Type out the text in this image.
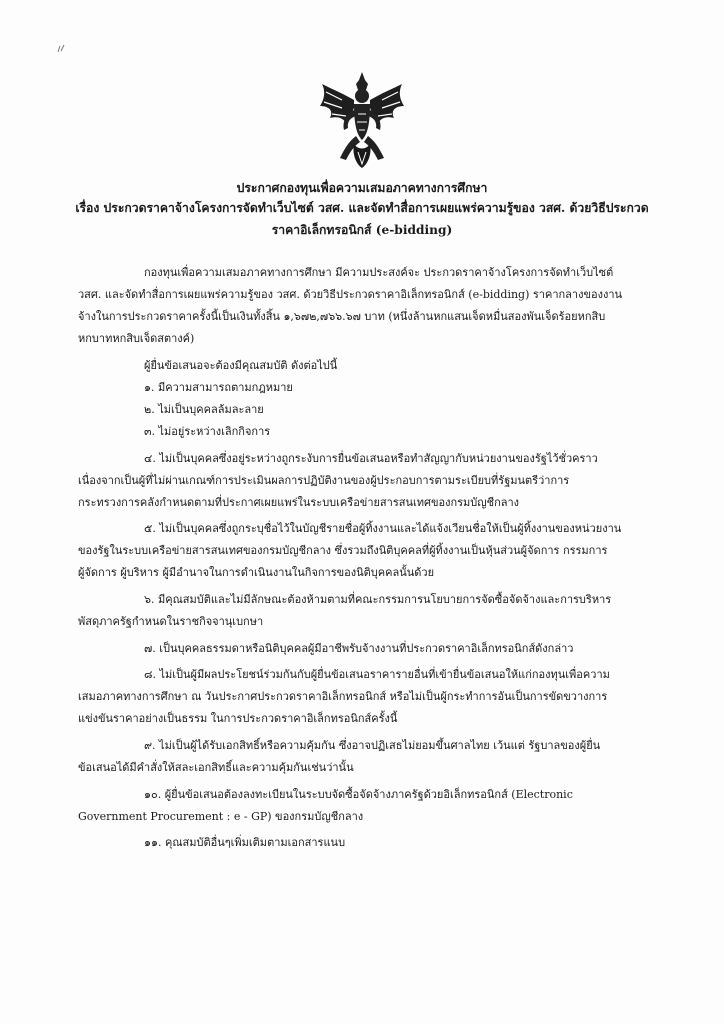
ประกาศกองทุนเพื่อความเสมอภาคทางการศึกษา
เรื่อง ประกวดราคาจ้างโครงการจัดทำเว็บไซต์ วสศ. และจัดทำสื่อการเผยแพร่ความรู้ของ วสศ. ด้วยวิธีประกวด
ราคาอิเล็กทรอนิกส์ (e-bidding)
กองทุนเพื่อความเสมอภาคทางการศึกษา มีความประสงค์จะ ประกวดราคาจ้างโครงการจัดทำเว็บไซต์
วสศ. และจัดทำสื่อการเผยแพร่ความรู้ของ วสศ. ด้วยวิธีประกวดราคาอิเล็กทรอนิกส์ (e-bidding) ราคากลางของงาน
จ้างในการประกวดราคาครั้งนี้เป็นเงินทั้งสิ้น ๑,๖๗๒,๗๖๖.๖๗ บาท (หนึ่งล้านหกแสนเจ็ดหมื่นสองพันเจ็ดร้อยหกสิบ
หกบาทหกสิบเจ็ดสตางค์)
ผู้ยื่นข้อเสนอจะต้องมีคุณสมบัติ ดังต่อไปนี้
๑. มีความสามารถตามกฎหมาย
๒. ไม่เป็นบุคคลล้มละลาย
๓. ไม่อยู่ระหว่างเลิกกิจการ
๔. ไม่เป็นบุคคลซึ่งอยู่ระหว่างถูกระงับการยื่นข้อเสนอหรือทำสัญญากับหน่วยงานของรัฐไว้ชั่วคราว
เนื่องจากเป็นผู้ที่ไม่ผ่านเกณฑ์การประเมินผลการปฏิบัติงานของผู้ประกอบการตามระเบียบที่รัฐมนตรีว่าการ
กระทรวงการคลังกำหนดตามที่ประกาศเผยแพร่ในระบบเครือข่ายสารสนเทศของกรมบัญชีกลาง
๕. ไม่เป็นบุคคลซึ่งถูกระบุชื่อไว้ในบัญชีรายชื่อผู้ทิ้งงานและได้แจ้งเวียนชื่อให้เป็นผู้ทิ้งงานของหน่วยงาน
ของรัฐในระบบเครือข่ายสารสนเทศของกรมบัญชีกลาง ซึ่งรวมถึงนิติบุคคลที่ผู้ทิ้งงานเป็นหุ้นส่วนผู้จัดการ กรรมการ
ผู้จัดการ ผู้บริหาร ผู้มีอำนาจในการดำเนินงานในกิจการของนิติบุคคลนั้นด้วย
๖. มีคุณสมบัติและไม่มีลักษณะต้องห้ามตามที่คณะกรรมการนโยบายการจัดซื้อจัดจ้างและการบริหาร
พัสดุภาครัฐกำหนดในราชกิจจานุเบกษา
๗. เป็นบุคคลธรรมดาหรือนิติบุคคลผู้มีอาชีพรับจ้างงานที่ประกวดราคาอิเล็กทรอนิกส์ดังกล่าว
๘. ไม่เป็นผู้มีผลประโยชน์ร่วมกันกับผู้ยื่นข้อเสนอราคารายอื่นที่เข้ายื่นข้อเสนอให้แก่กองทุนเพื่อความ
เสมอภาคทางการศึกษา ณ วันประกาศประกวดราคาอิเล็กทรอนิกส์ หรือไม่เป็นผู้กระทำการอันเป็นการขัดขวางการ
แข่งขันราคาอย่างเป็นธรรม ในการประกวดราคาอิเล็กทรอนิกส์ครั้งนี้
๙. ไม่เป็นผู้ได้รับเอกสิทธิ์หรือความคุ้มกัน ซึ่งอาจปฏิเสธไม่ยอมขึ้นศาลไทย เว้นแต่ รัฐบาลของผู้ยื่น
ข้อเสนอได้มีคำสั่งให้สละเอกสิทธิ์และความคุ้มกันเช่นว่านั้น
๑๐. ผู้ยื่นข้อเสนอต้องลงทะเบียนในระบบจัดซื้อจัดจ้างภาครัฐด้วยอิเล็กทรอนิกส์ (Electronic
Government Procurement : e - GP) ของกรมบัญชีกลาง
๑๑. คุณสมบัติอื่นๆเพิ่มเติมตามเอกสารแนบ
